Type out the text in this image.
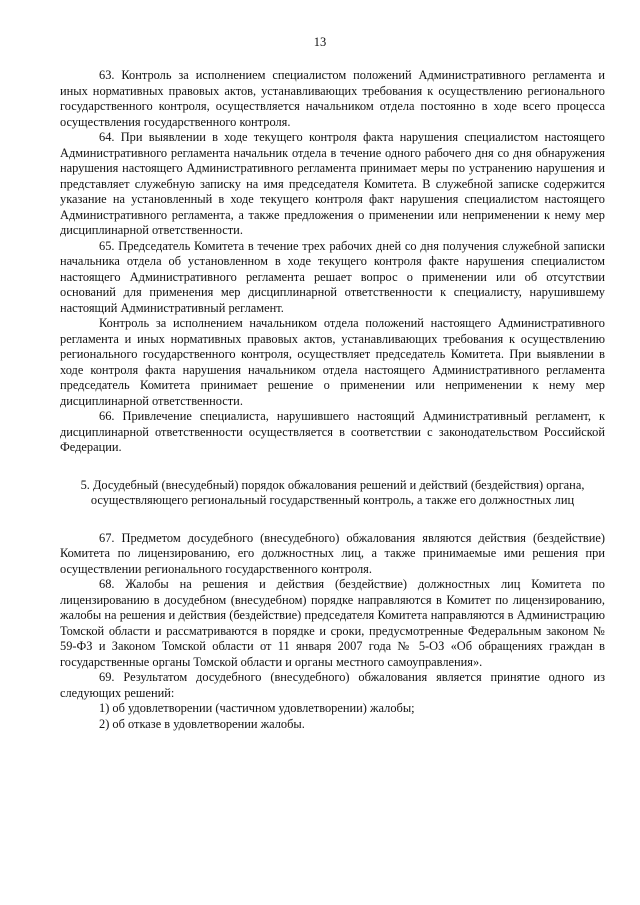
13

63. Контроль за исполнением специалистом положений Административного регламента и иных нормативных правовых актов, устанавливающих требования к осуществлению регионального государственного контроля, осуществляется начальником отдела постоянно в ходе всего процесса осуществления государственного контроля.

64. При выявлении в ходе текущего контроля факта нарушения специалистом настоящего Административного регламента начальник отдела в течение одного рабочего дня со дня обнаружения нарушения настоящего Административного регламента принимает меры по устранению нарушения и представляет служебную записку на имя председателя Комитета. В служебной записке содержится указание на установленный в ходе текущего контроля факт нарушения специалистом настоящего Административного регламента, а также предложения о применении или неприменении к нему мер дисциплинарной ответственности.

65. Председатель Комитета в течение трех рабочих дней со дня получения служебной записки начальника отдела об установленном в ходе текущего контроля факте нарушения специалистом настоящего Административного регламента решает вопрос о применении или об отсутствии оснований для применения мер дисциплинарной ответственности к специалисту, нарушившему настоящий Административный регламент.

Контроль за исполнением начальником отдела положений настоящего Административного регламента и иных нормативных правовых актов, устанавливающих требования к осуществлению регионального государственного контроля, осуществляет председатель Комитета. При выявлении в ходе контроля факта нарушения начальником отдела настоящего Административного регламента председатель Комитета принимает решение о применении или неприменении к нему мер дисциплинарной ответственности.

66. Привлечение специалиста, нарушившего настоящий Административный регламент, к дисциплинарной ответственности осуществляется в соответствии с законодательством Российской Федерации.

5. Досудебный (внесудебный) порядок обжалования решений и действий (бездействия) органа, осуществляющего региональный государственный контроль, а также его должностных лиц

67. Предметом досудебного (внесудебного) обжалования являются действия (бездействие) Комитета по лицензированию, его должностных лиц, а также принимаемые ими решения при осуществлении регионального государственного контроля.

68. Жалобы на решения и действия (бездействие) должностных лиц Комитета по лицензированию в досудебном (внесудебном) порядке направляются в Комитет по лицензированию, жалобы на решения и действия (бездействие) председателя Комитета направляются в Администрацию Томской области и рассматриваются в порядке и сроки, предусмотренные Федеральным законом № 59-ФЗ и Законом Томской области от 11 января 2007 года № 5-ОЗ «Об обращениях граждан в государственные органы Томской области и органы местного самоуправления».

69. Результатом досудебного (внесудебного) обжалования является принятие одного из следующих решений:

1) об удовлетворении (частичном удовлетворении) жалобы;

2) об отказе в удовлетворении жалобы.
